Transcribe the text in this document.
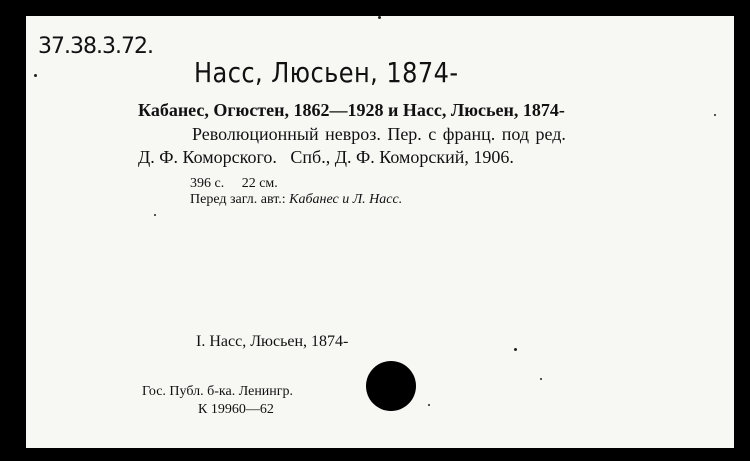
37.38.3.72.
Насс, Люсьен, 1874-
Кабанес, Огюстен, 1862—1928 и Насс, Люсьен, 1874-
Революционный невроз. Пер. с франц. под ред.
Д. Ф. Коморского.   Спб., Д. Ф. Коморский, 1906.
396 с.     22 см.
Перед загл. авт.: Кабанес и Л. Насс.
I. Насс, Люсьен, 1874-
Гос. Публ. б-ка. Ленингр.
К 19960—62
